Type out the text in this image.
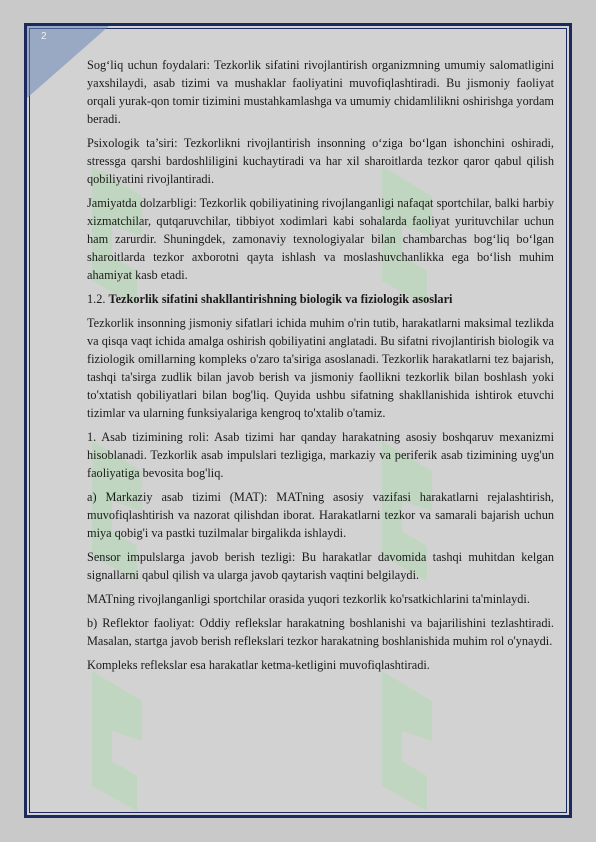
2

Sog‘liq uchun foydalari: Tezkorlik sifatini rivojlantirish organizmning umumiy salomatligini yaxshilaydi, asab tizimi va mushaklar faoliyatini muvofiqlashtiradi. Bu jismoniy faoliyat orqali yurak-qon tomir tizimini mustahkamlashga va umumiy chidamlilikni oshirishga yordam beradi.

Psixologik ta’siri: Tezkorlikni rivojlantirish insonning o‘ziga bo‘lgan ishonchini oshiradi, stressga qarshi bardoshliligini kuchaytiradi va har xil sharoitlarda tezkor qaror qabul qilish qobiliyatini rivojlantiradi.

Jamiyatda dolzarbligi: Tezkorlik qobiliyatining rivojlanganligi nafaqat sportchilar, balki harbiy xizmatchilar, qutqaruvchilar, tibbiyot xodimlari kabi sohalarda faoliyat yurituvchilar uchun ham zarurdir. Shuningdek, zamonaviy texnologiyalar bilan chambarchas bog‘liq bo‘lgan sharoitlarda tezkor axborotni qayta ishlash va moslashuvchanlikka ega bo‘lish muhim ahamiyat kasb etadi.

1.2. Tezkorlik sifatini shakllantirishning biologik va fiziologik asoslari

Tezkorlik insonning jismoniy sifatlari ichida muhim o'rin tutib, harakatlarni maksimal tezlikda va qisqa vaqt ichida amalga oshirish qobiliyatini anglatadi. Bu sifatni rivojlantirish biologik va fiziologik omillarning kompleks o'zaro ta'siriga asoslanadi. Tezkorlik harakatlarni tez bajarish, tashqi ta'sirga zudlik bilan javob berish va jismoniy faollikni tezkorlik bilan boshlash yoki to'xtatish qobiliyatlari bilan bog'liq. Quyida ushbu sifatning shakllanishida ishtirok etuvchi tizimlar va ularning funksiyalariga kengroq to'xtalib o'tamiz.

1. Asab tizimining roli: Asab tizimi har qanday harakatning asosiy boshqaruv mexanizmi hisoblanadi. Tezkorlik asab impulslari tezligiga, markaziy va periferik asab tizimining uyg'un faoliyatiga bevosita bog'liq.

a) Markaziy asab tizimi (MAT): MATning asosiy vazifasi harakatlarni rejalashtirish, muvofiqlashtirish va nazorat qilishdan iborat. Harakatlarni tezkor va samarali bajarish uchun miya qobig'i va pastki tuzilmalar birgalikda ishlaydi.

Sensor impulslarga javob berish tezligi: Bu harakatlar davomida tashqi muhitdan kelgan signallarni qabul qilish va ularga javob qaytarish vaqtini belgilaydi.

MATning rivojlanganligi sportchilar orasida yuqori tezkorlik ko'rsatkichlarini ta'minlaydi.

b) Reflektor faoliyat: Oddiy reflekslar harakatning boshlanishi va bajarilishini tezlashtiradi. Masalan, startga javob berish reflekslari tezkor harakatning boshlanishida muhim rol o'ynaydi.

Kompleks reflekslar esa harakatlar ketma-ketligini muvofiqlashtiradi.
